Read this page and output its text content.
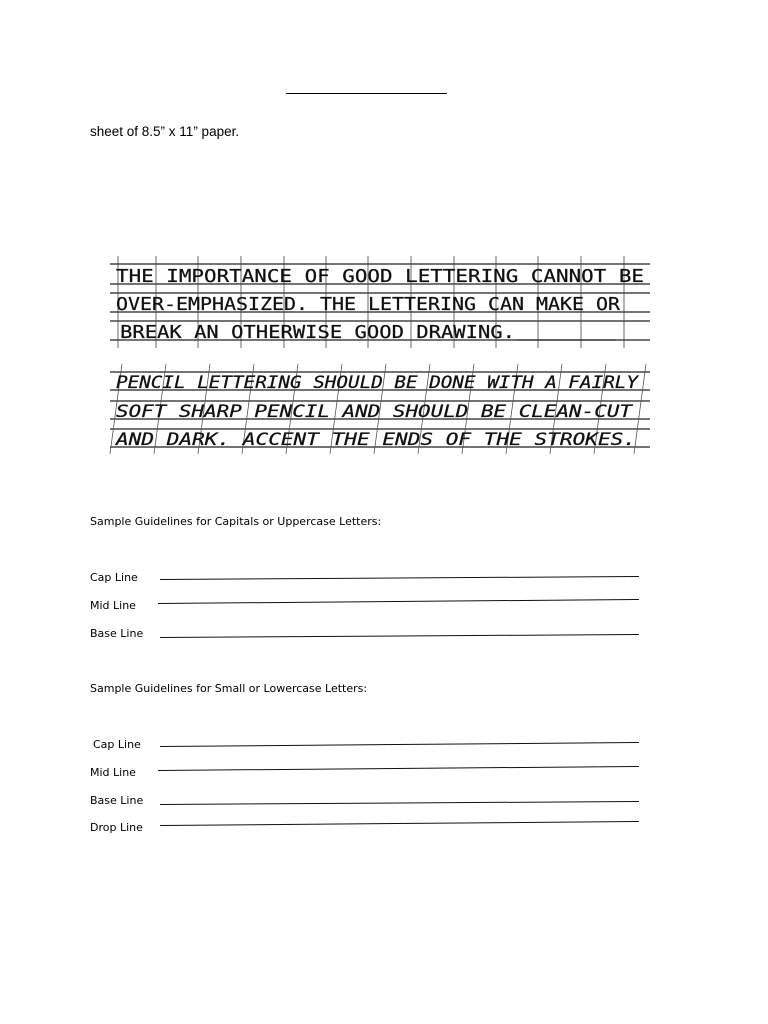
sheet of 8.5” x 11” paper.
THE IMPORTANCE OF GOOD LETTERING CANNOT BE
OVER-EMPHASIZED. THE LETTERING CAN MAKE OR
BREAK AN OTHERWISE GOOD DRAWING.
PENCIL LETTERING SHOULD BE DONE WITH A FAIRLY
SOFT SHARP PENCIL AND SHOULD BE CLEAN-CUT
AND DARK. ACCENT THE ENDS OF THE STROKES.
Sample Guidelines for Capitals or Uppercase Letters:
Cap Line
Mid Line
Base Line
Sample Guidelines for Small or Lowercase Letters:
Cap Line
Mid Line
Base Line
Drop Line
